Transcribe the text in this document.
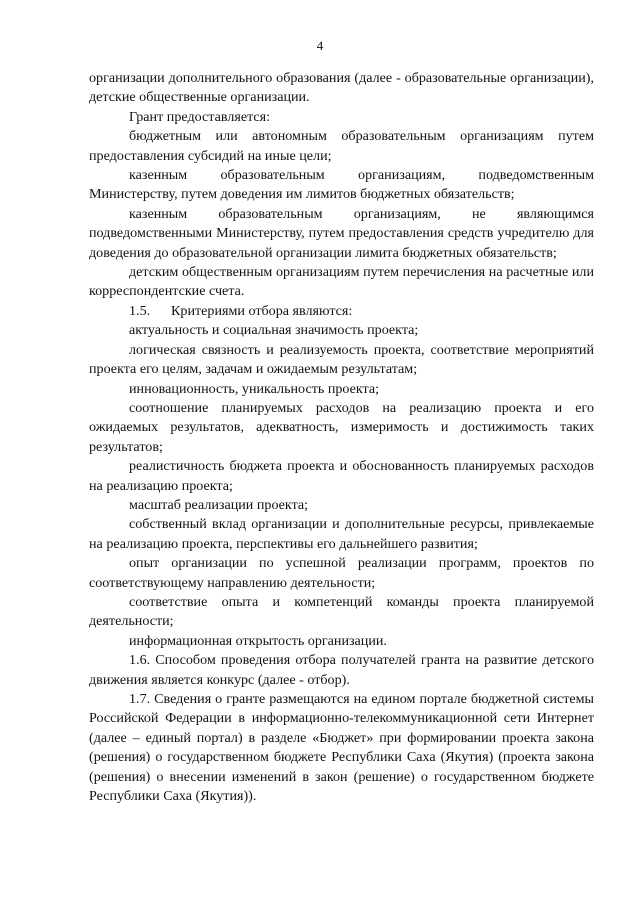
4

организации дополнительного образования (далее - образовательные организации), детские общественные организации.

Грант предоставляется:

бюджетным или автономным образовательным организациям путем предоставления субсидий на иные цели;

казенным образовательным организациям, подведомственным Министерству, путем доведения им лимитов бюджетных обязательств;

казенным образовательным организациям, не являющимся подведомственными Министерству, путем предоставления средств учредителю для доведения до образовательной организации лимита бюджетных обязательств;

детским общественным организациям путем перечисления на расчетные или корреспондентские счета.

1.5. Критериями отбора являются:

актуальность и социальная значимость проекта;

логическая связность и реализуемость проекта, соответствие мероприятий проекта его целям, задачам и ожидаемым результатам;

инновационность, уникальность проекта;

соотношение планируемых расходов на реализацию проекта и его ожидаемых результатов, адекватность, измеримость и достижимость таких результатов;

реалистичность бюджета проекта и обоснованность планируемых расходов на реализацию проекта;

масштаб реализации проекта;

собственный вклад организации и дополнительные ресурсы, привлекаемые на реализацию проекта, перспективы его дальнейшего развития;

опыт организации по успешной реализации программ, проектов по соответствующему направлению деятельности;

соответствие опыта и компетенций команды проекта планируемой деятельности;

информационная открытость организации.

1.6. Способом проведения отбора получателей гранта на развитие детского движения является конкурс (далее - отбор).

1.7. Сведения о гранте размещаются на едином портале бюджетной системы Российской Федерации в информационно-телекоммуникационной сети Интернет (далее – единый портал) в разделе «Бюджет» при формировании проекта закона (решения) о государственном бюджете Республики Саха (Якутия) (проекта закона (решения) о внесении изменений в закон (решение) о государственном бюджете Республики Саха (Якутия)).
